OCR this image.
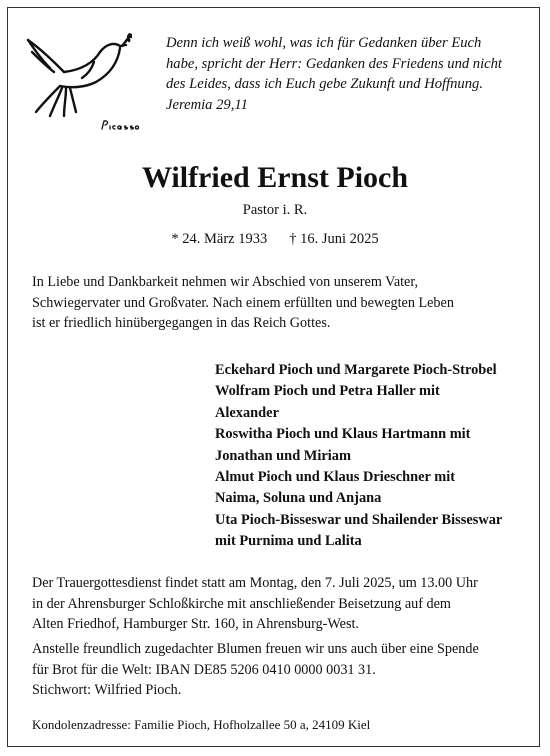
Denn ich weiß wohl, was ich für Gedanken über Euch
habe, spricht der Herr: Gedanken des Friedens und nicht
des Leides, dass ich Euch gebe Zukunft und Hoffnung.
Jeremia 29,11
Wilfried Ernst Pioch
Pastor i. R.
* 24. März 1933 † 16. Juni 2025
In Liebe und Dankbarkeit nehmen wir Abschied von unserem Vater,
Schwiegervater und Großvater. Nach einem erfüllten und bewegten Leben
ist er friedlich hinübergegangen in das Reich Gottes.
Eckehard Pioch und Margarete Pioch-Strobel
Wolfram Pioch und Petra Haller mit
Alexander
Roswitha Pioch und Klaus Hartmann mit
Jonathan und Miriam
Almut Pioch und Klaus Drieschner mit
Naima, Soluna und Anjana
Uta Pioch-Bisseswar und Shailender Bisseswar
mit Purnima und Lalita
Der Trauergottesdienst findet statt am Montag, den 7. Juli 2025, um 13.00 Uhr
in der Ahrensburger Schloßkirche mit anschließender Beisetzung auf dem
Alten Friedhof, Hamburger Str. 160, in Ahrensburg-West.
Anstelle freundlich zugedachter Blumen freuen wir uns auch über eine Spende
für Brot für die Welt: IBAN DE85 5206 0410 0000 0031 31.
Stichwort: Wilfried Pioch.
Kondolenzadresse: Familie Pioch, Hofholzallee 50 a, 24109 Kiel
